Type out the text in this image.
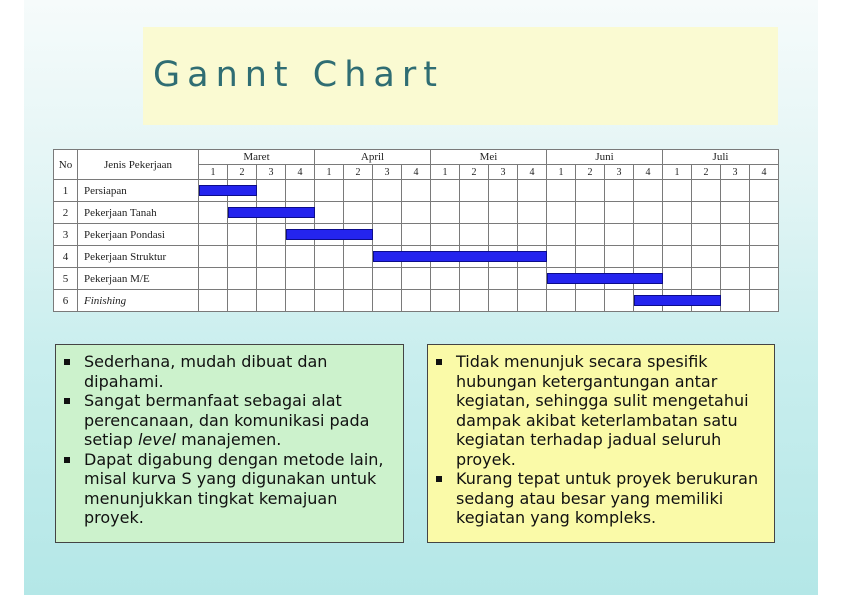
Gannt Chart
No	Jenis Pekerjaan	Maret				April				Mei				Juni				Juli			
		1	2	3	4	1	2	3	4	1	2	3	4	1	2	3	4	1	2	3	4
1	Persiapan																				
2	Pekerjaan Tanah																				
3	Pekerjaan Pondasi																				
4	Pekerjaan Struktur																				
5	Pekerjaan M/E																				
6	Finishing																				
Sederhana, mudah dibuat dan dipahami.
Sangat bermanfaat sebagai alat perencanaan, dan komunikasi pada setiap level manajemen.
Dapat digabung dengan metode lain, misal kurva S yang digunakan untuk menunjukkan tingkat kemajuan proyek.
Tidak menunjuk secara spesifik hubungan ketergantungan antar kegiatan, sehingga sulit mengetahui dampak akibat keterlambatan satu kegiatan terhadap jadual seluruh proyek.
Kurang tepat untuk proyek berukuran sedang atau besar yang memiliki kegiatan yang kompleks.
